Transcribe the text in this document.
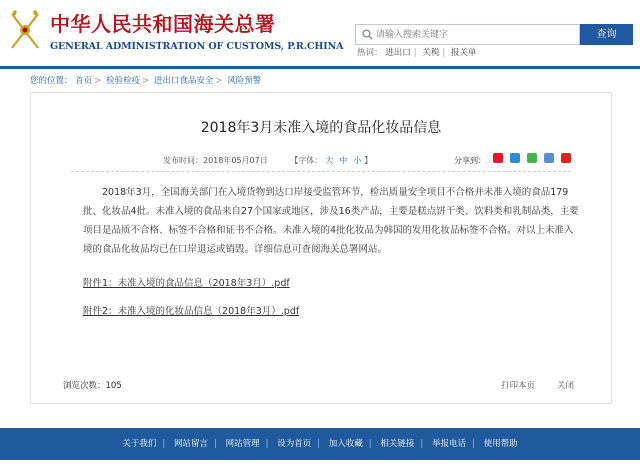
中华人民共和国海关总署
GENERAL ADMINISTRATION OF CUSTOMS, P.R.CHINA
请输入搜索关键字
查询
热词： 进出口 | 关税 | 报关单
您的位置： 首页 > 检验检疫 > 进出口食品安全 > 风险预警
2018年3月未准入境的食品化妆品信息
发布时间：2018年05月07日	【字体： 大 中 小 】	分享到：
2018年3月，全国海关部门在入境货物到达口岸接受监管环节，检出质量安全项目不合格并未准入境的食品179批、化妆品4批。未准入境的食品来自27个国家或地区，涉及16类产品，主要是糕点饼干类、饮料类和乳制品类，主要项目是品质不合格、标签不合格和证书不合格。未准入境的4批化妆品为韩国的发用化妆品标签不合格。对以上未准入境的食品化妆品均已在口岸退运或销毁。详细信息可查阅海关总署网站。
附件1：未准入境的食品信息（2018年3月）.pdf
附件2：未准入境的化妆品信息（2018年3月）.pdf
浏览次数：105	打印本页	关闭
关于我们 | 网站留言 | 网站管理 | 设为首页 | 加入收藏 | 相关链接 | 举报电话 | 使用帮助
